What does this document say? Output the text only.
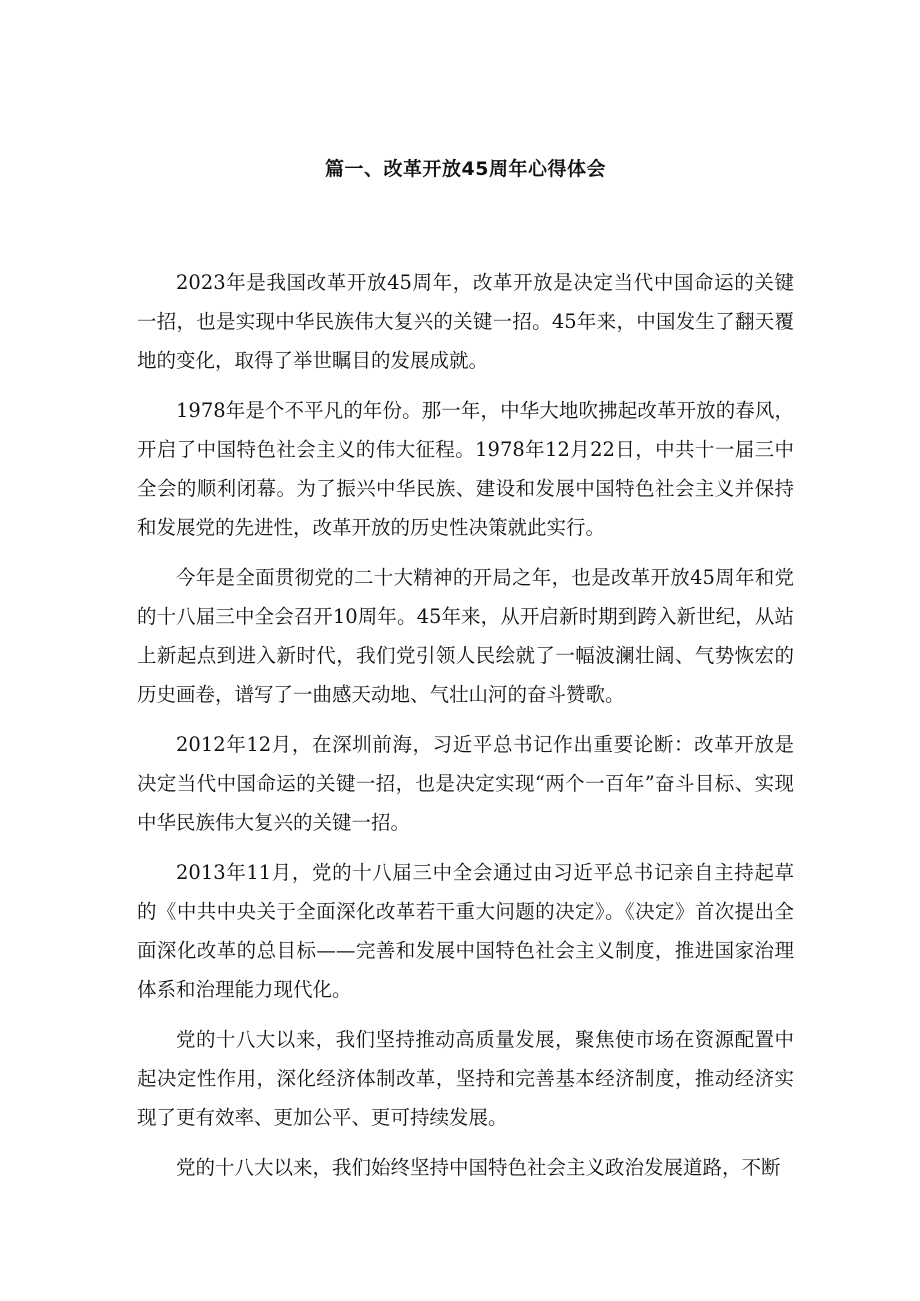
篇一、改革开放45周年心得体会

2023年是我国改革开放45周年，改革开放是决定当代中国命运的关键一招，也是实现中华民族伟大复兴的关键一招。45年来，中国发生了翻天覆地的变化，取得了举世瞩目的发展成就。

1978年是个不平凡的年份。那一年，中华大地吹拂起改革开放的春风，开启了中国特色社会主义的伟大征程。1978年12月22日，中共十一届三中全会的顺利闭幕。为了振兴中华民族、建设和发展中国特色社会主义并保持和发展党的先进性，改革开放的历史性决策就此实行。

今年是全面贯彻党的二十大精神的开局之年，也是改革开放45周年和党的十八届三中全会召开10周年。45年来，从开启新时期到跨入新世纪，从站上新起点到进入新时代，我们党引领人民绘就了一幅波澜壮阔、气势恢宏的历史画卷，谱写了一曲感天动地、气壮山河的奋斗赞歌。

2012年12月，在深圳前海，习近平总书记作出重要论断：改革开放是决定当代中国命运的关键一招，也是决定实现“两个一百年”奋斗目标、实现中华民族伟大复兴的关键一招。

2013年11月，党的十八届三中全会通过由习近平总书记亲自主持起草的《中共中央关于全面深化改革若干重大问题的决定》。《决定》首次提出全面深化改革的总目标——完善和发展中国特色社会主义制度，推进国家治理体系和治理能力现代化。

党的十八大以来，我们坚持推动高质量发展，聚焦使市场在资源配置中起决定性作用，深化经济体制改革，坚持和完善基本经济制度，推动经济实现了更有效率、更加公平、更可持续发展。

党的十八大以来，我们始终坚持中国特色社会主义政治发展道路，不断
